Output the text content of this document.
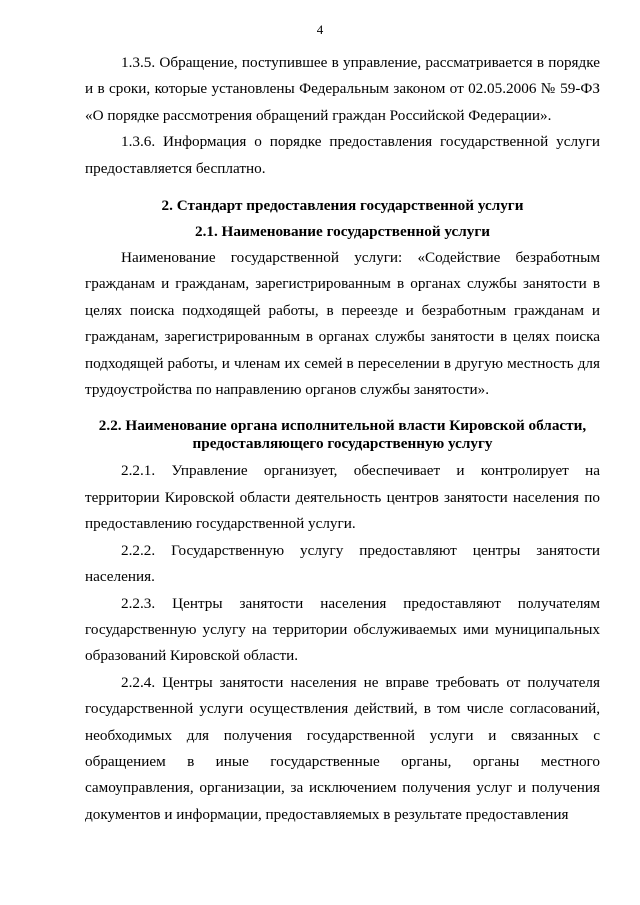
4

1.3.5. Обращение, поступившее в управление, рассматривается в порядке и в сроки, которые установлены Федеральным законом от 02.05.2006 № 59-ФЗ «О порядке рассмотрения обращений граждан Российской Федерации».

1.3.6. Информация о порядке предоставления государственной услуги предоставляется бесплатно.

2. Стандарт предоставления государственной услуги
2.1. Наименование государственной услуги

Наименование государственной услуги: «Содействие безработным гражданам и гражданам, зарегистрированным в органах службы занятости в целях поиска подходящей работы, в переезде и безработным гражданам и гражданам, зарегистрированным в органах службы занятости в целях поиска подходящей работы, и членам их семей в переселении в другую местность для трудоустройства по направлению органов службы занятости».

2.2. Наименование органа исполнительной власти Кировской области,
предоставляющего государственную услугу

2.2.1. Управление организует, обеспечивает и контролирует на территории Кировской области деятельность центров занятости населения по предоставлению государственной услуги.

2.2.2. Государственную услугу предоставляют центры занятости населения.

2.2.3. Центры занятости населения предоставляют получателям государственную услугу на территории обслуживаемых ими муниципальных образований Кировской области.

2.2.4. Центры занятости населения не вправе требовать от получателя государственной услуги осуществления действий, в том числе согласований, необходимых для получения государственной услуги и связанных с обращением в иные государственные органы, органы местного самоуправления, организации, за исключением получения услуг и получения документов и информации, предоставляемых в результате предоставления
